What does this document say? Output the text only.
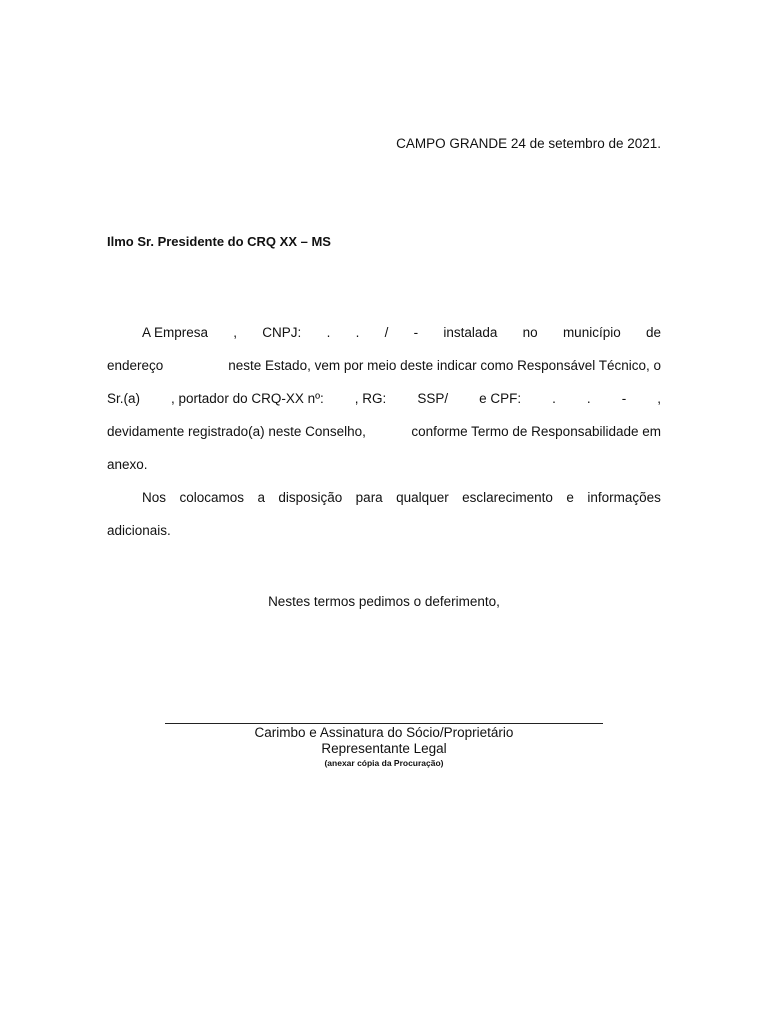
CAMPO GRANDE 24 de setembro de 2021.
Ilmo Sr. Presidente do CRQ XX – MS
A Empresa , CNPJ: . . / - instalada no município de
endereço	neste Estado, vem por meio deste indicar como Responsável Técnico, o
Sr.(a) , portador do CRQ-XX nº: , RG: SSP/ e CPF: . . - ,
devidamente registrado(a) neste Conselho,	conforme Termo de Responsabilidade em
anexo.
Nos colocamos a disposição para qualquer esclarecimento e informações
adicionais.
Nestes termos pedimos o deferimento,
Carimbo e Assinatura do Sócio/Proprietário
Representante Legal
(anexar cópia da Procuração)
